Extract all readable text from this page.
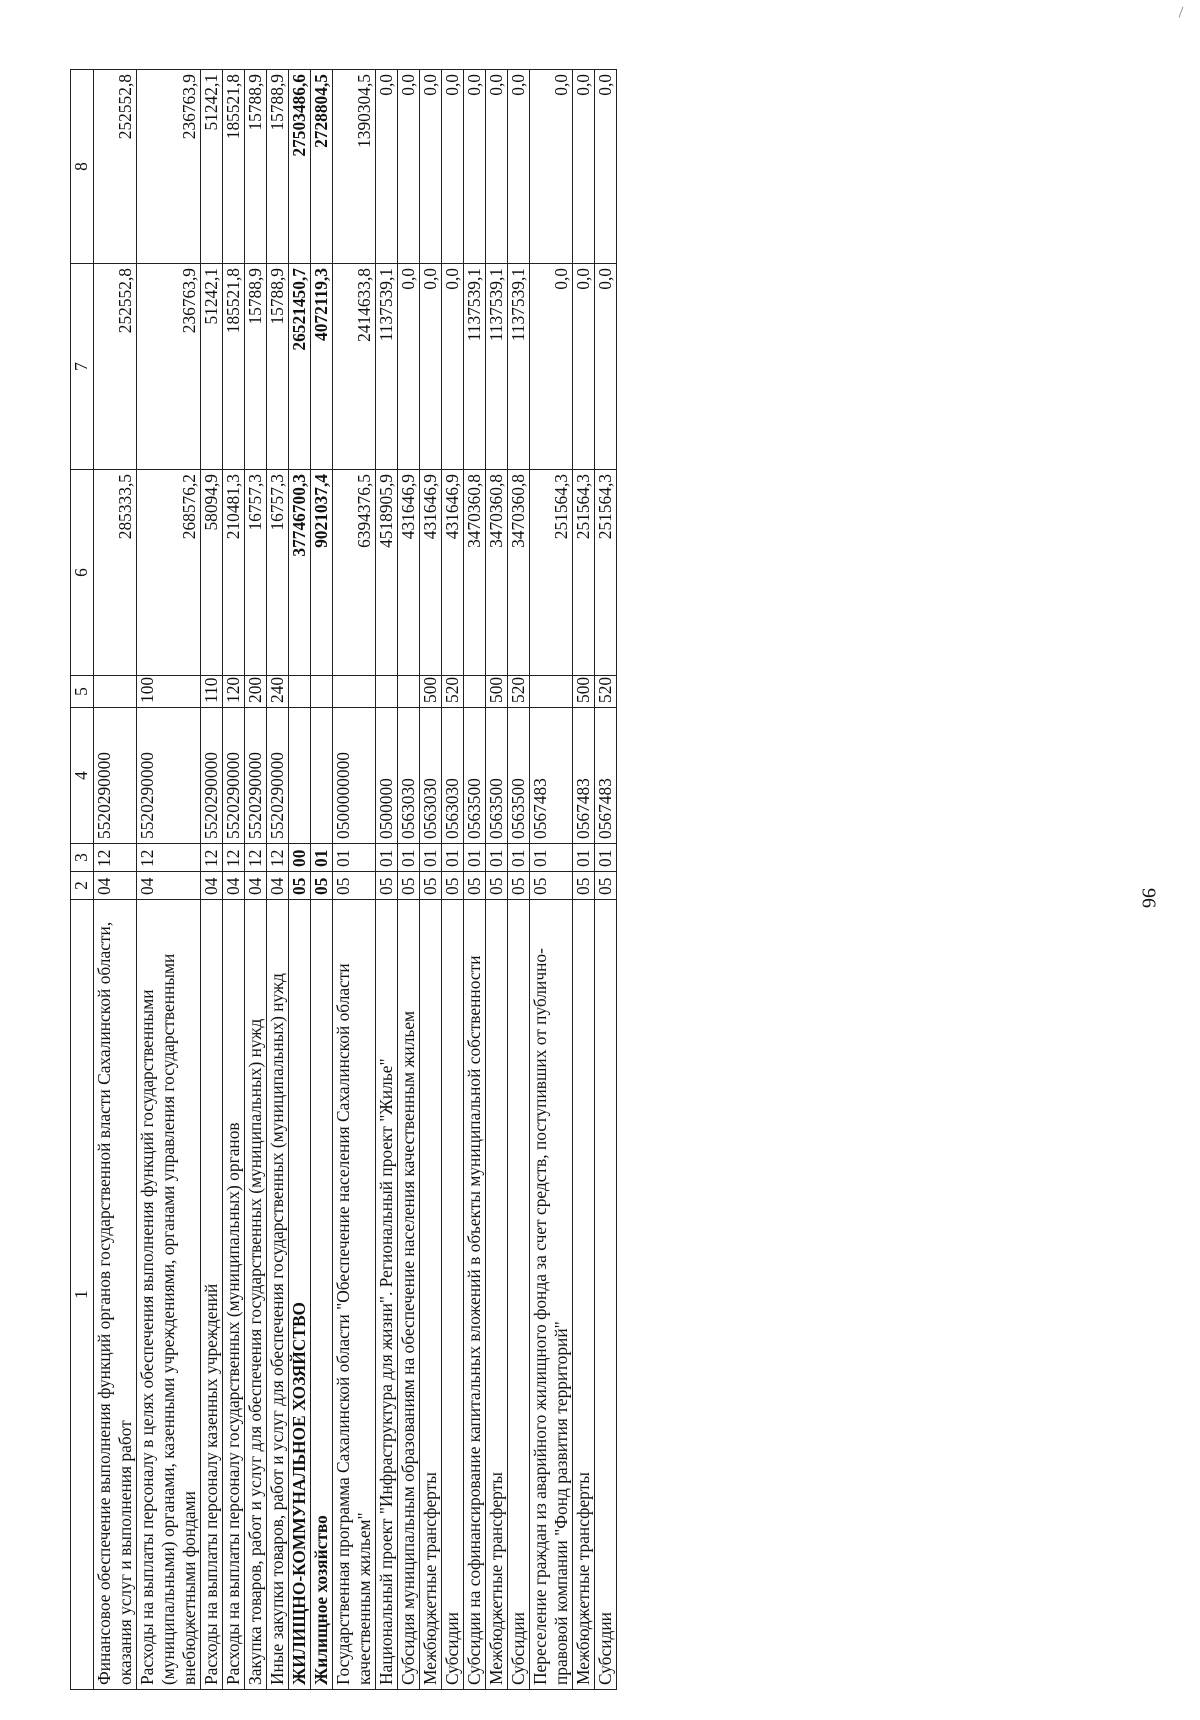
96
\
1	2	3	4	5	6	7	8
Финансовое обеспечение выполнения функций органов государственной власти Сахалинской области, оказания услуг и выполнения работ	04	12	5520290000		285333,5	252552,8	252552,8
Расходы на выплаты персоналу в целях обеспечения выполнения функций государственными (муниципальными) органами, казенными учреждениями, органами управления государственными внебюджетными фондами	04	12	5520290000	100	268576,2	236763,9	236763,9
Расходы на выплаты персоналу казенных учреждений	04	12	5520290000	110	58094,9	51242,1	51242,1
Расходы на выплаты персоналу государственных (муниципальных) органов	04	12	5520290000	120	210481,3	185521,8	185521,8
Закупка товаров, работ и услуг для обеспечения государственных (муниципальных) нужд	04	12	5520290000	200	16757,3	15788,9	15788,9
Иные закупки товаров, работ и услуг для обеспечения государственных (муниципальных) нужд	04	12	5520290000	240	16757,3	15788,9	15788,9
ЖИЛИЩНО-КОММУНАЛЬНОЕ ХОЗЯЙСТВО	05	00			37746700,3	26521450,7	27503486,6
Жилищное хозяйство	05	01			9021037,4	4072119,3	2728804,5
Государственная программа Сахалинской области "Обеспечение населения Сахалинской области качественным жильем"	05	01	0500000000		6394376,5	2414633,8	1390304,5
Национальный проект "Инфраструктура для жизни". Региональный проект "Жилье"	05	01	0500000		4518905,9	1137539,1	0,0
Субсидия муниципальным образованиям на обеспечение населения качественным жильем	05	01	0563030		431646,9	0,0	0,0
Межбюджетные трансферты	05	01	0563030	500	431646,9	0,0	0,0
Субсидии	05	01	0563030	520	431646,9	0,0	0,0
Субсидии на софинансирование капитальных вложений в объекты муниципальной собственности	05	01	0563500		3470360,8	1137539,1	0,0
Межбюджетные трансферты	05	01	0563500	500	3470360,8	1137539,1	0,0
Субсидии	05	01	0563500	520	3470360,8	1137539,1	0,0
Переселение граждан из аварийного жилищного фонда за счет средств, поступивших от публично-правовой компании "Фонд развития территорий"	05	01	0567483		251564,3	0,0	0,0
Межбюджетные трансферты	05	01	0567483	500	251564,3	0,0	0,0
Субсидии	05	01	0567483	520	251564,3	0,0	0,0
